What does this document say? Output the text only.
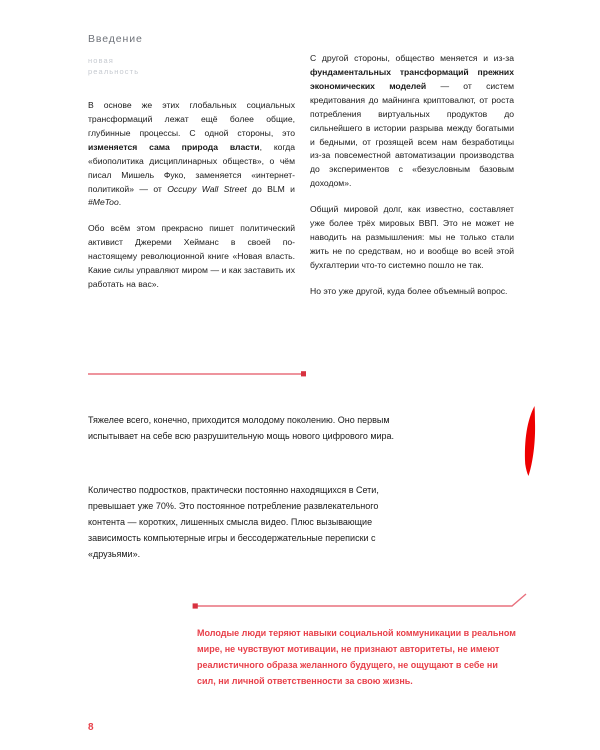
Введение
новая
реальность

В основе же этих глобальных социальных трансформаций лежат ещё более общие, глубинные процессы. С одной стороны, это изменяется сама природа власти, когда «биополитика дисциплинарных обществ», о чём писал Мишель Фуко, заменяется «интернет-политикой» — от Occupy Wall Street до BLM и #MeToo.

Обо всём этом прекрасно пишет политический активист Джереми Хейманс в своей по-настоящему революционной книге «Новая власть. Какие силы управляют миром — и как заставить их работать на вас».

С другой стороны, общество меняется и из-за фундаментальных трансформаций прежних экономических моделей — от систем кредитования до майнинга криптовалют, от роста потребления виртуальных продуктов до сильнейшего в истории разрыва между богатыми и бедными, от грозящей всем нам безработицы из-за повсеместной автоматизации производства до экспериментов с «безусловным базовым доходом».

Общий мировой долг, как известно, составляет уже более трёх мировых ВВП. Это не может не наводить на размышления: мы не только стали жить не по средствам, но и вообще во всей этой бухгалтерии что-то системно пошло не так.

Но это уже другой, куда более объемный вопрос.

Тяжелее всего, конечно, приходится молодому поколению. Оно первым испытывает на себе всю разрушительную мощь нового цифрового мира.

Количество подростков, практически постоянно находящихся в Сети, превышает уже 70%. Это постоянное потребление развлекательного контента — коротких, лишенных смысла видео. Плюс вызывающие зависимость компьютерные игры и бессодержательные переписки с «друзьями».

Молодые люди теряют навыки социальной коммуникации в реальном мире, не чувствуют мотивации, не признают авторитеты, не имеют реалистичного образа желанного будущего, не ощущают в себе ни сил, ни личной ответственности за свою жизнь.

8
